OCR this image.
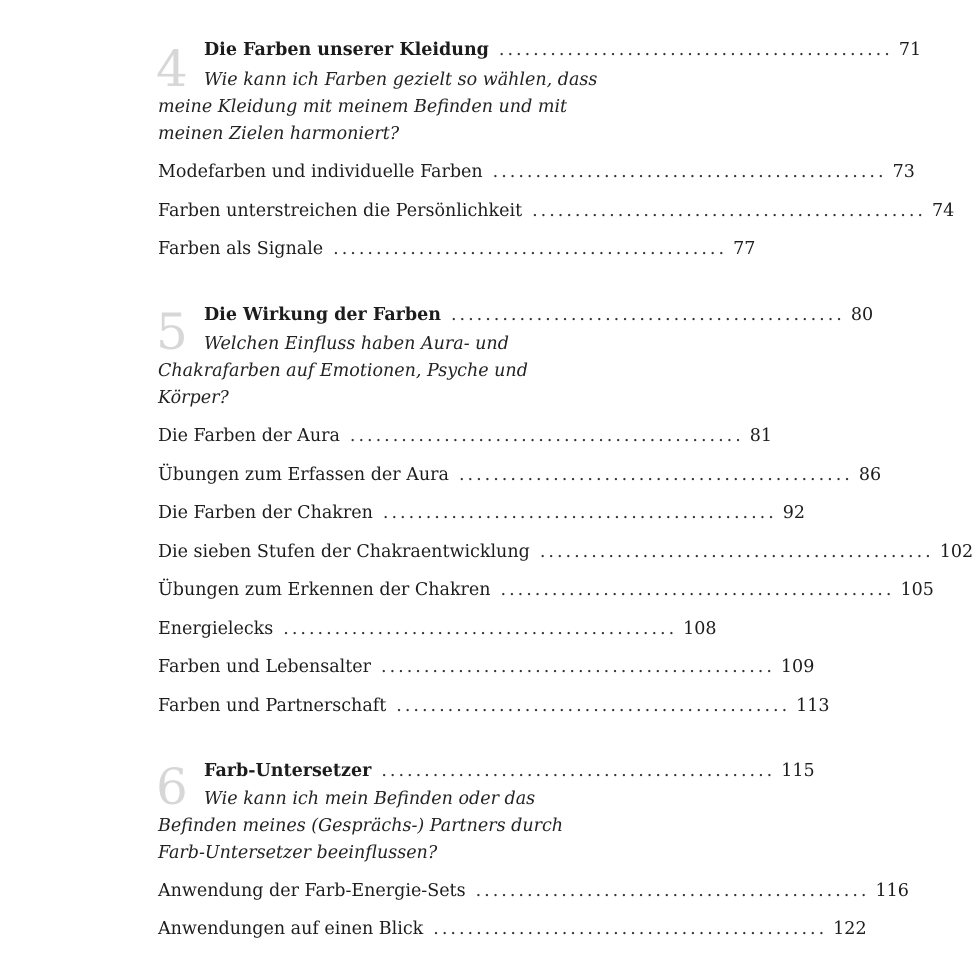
4 Die Farben unserer Kleidung .............................................. 71
Wie kann ich Farben gezielt so wählen, dass meine Kleidung mit meinem Befinden und mit meinen Zielen harmoniert?
Modefarben und individuelle Farben .............................................. 73
Farben unterstreichen die Persönlichkeit .............................................. 74
Farben als Signale .............................................. 77
5 Die Wirkung der Farben .............................................. 80
Welchen Einfluss haben Aura- und Chakrafarben auf Emotionen, Psyche und Körper?
Die Farben der Aura .............................................. 81
Übungen zum Erfassen der Aura .............................................. 86
Die Farben der Chakren .............................................. 92
Die sieben Stufen der Chakraentwicklung .............................................. 102
Übungen zum Erkennen der Chakren .............................................. 105
Energielecks .............................................. 108
Farben und Lebensalter .............................................. 109
Farben und Partnerschaft .............................................. 113
6 Farb-Untersetzer .............................................. 115
Wie kann ich mein Befinden oder das Befinden meines (Gesprächs-) Partners durch Farb-Untersetzer beeinflussen?
Anwendung der Farb-Energie-Sets .............................................. 116
Anwendungen auf einen Blick .............................................. 122
